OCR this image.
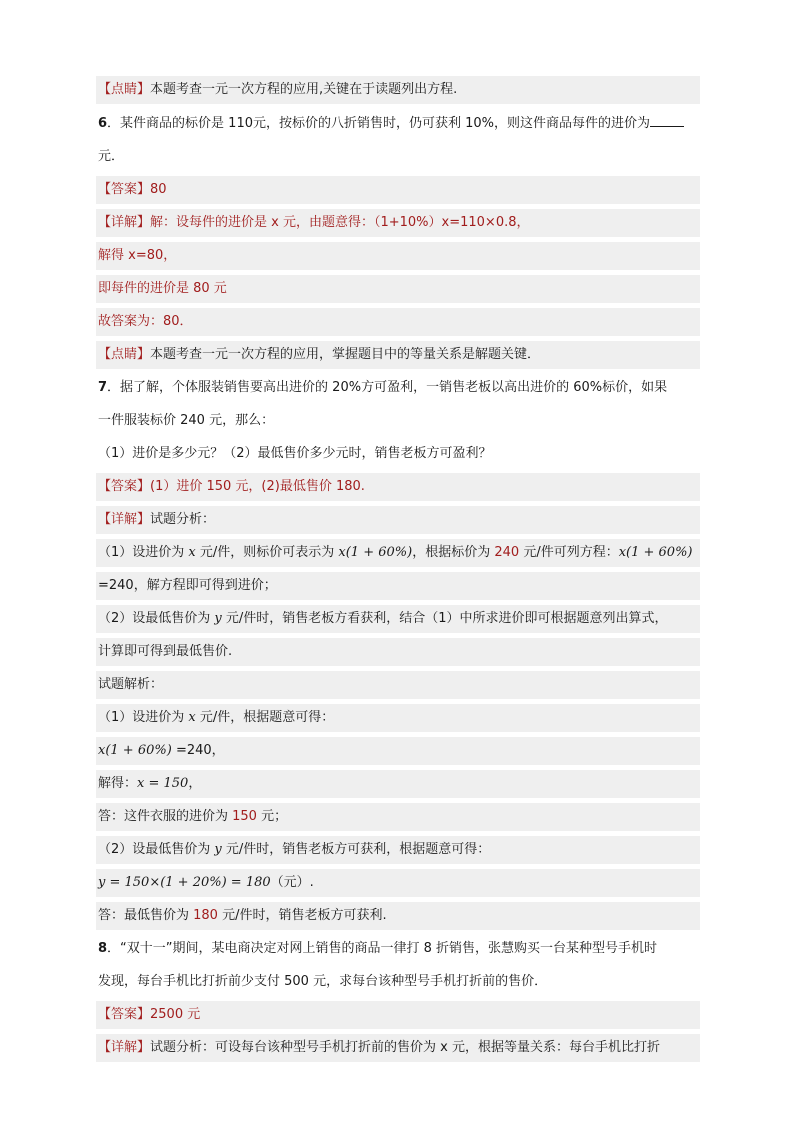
【点睛】本题考查一元一次方程的应用,关键在于读题列出方程.
6．某件商品的标价是 110元，按标价的八折销售时，仍可获利 10%，则这件商品每件的进价为
元．
【答案】80
【详解】解：设每件的进价是 x 元，由题意得：（1+10%）x=110×0.8，
解得 x=80，
即每件的进价是 80 元
故答案为：80．
【点睛】本题考查一元一次方程的应用，掌握题目中的等量关系是解题关键．
7．据了解，个体服装销售要高出进价的 20%方可盈利，一销售老板以高出进价的 60%标价，如果
一件服装标价 240 元，那么：
（1）进价是多少元？（2）最低售价多少元时，销售老板方可盈利？
【答案】(1）进价 150 元，(2)最低售价 180.
【详解】试题分析：
（1）设进价为 x 元/件，则标价可表示为 x(1 + 60%)，根据标价为 240 元/件可列方程：x(1 + 60%)
=240，解方程即可得到进价；
（2）设最低售价为 y 元/件时，销售老板方看获利，结合（1）中所求进价即可根据题意列出算式，
计算即可得到最低售价.
试题解析：
（1）设进价为 x 元/件，根据题意可得：
x(1 + 60%) =240，
解得：x = 150，
答：这件衣服的进价为 150 元；
（2）设最低售价为 y 元/件时，销售老板方可获利，根据题意可得：
y = 150×(1 + 20%) = 180（元）.
答：最低售价为 180 元/件时，销售老板方可获利.
8．“双十一”期间，某电商决定对网上销售的商品一律打 8 折销售，张慧购买一台某种型号手机时
发现，每台手机比打折前少支付 500 元，求每台该种型号手机打折前的售价．
【答案】2500 元
【详解】试题分析：可设每台该种型号手机打折前的售价为 x 元，根据等量关系：每台手机比打折
